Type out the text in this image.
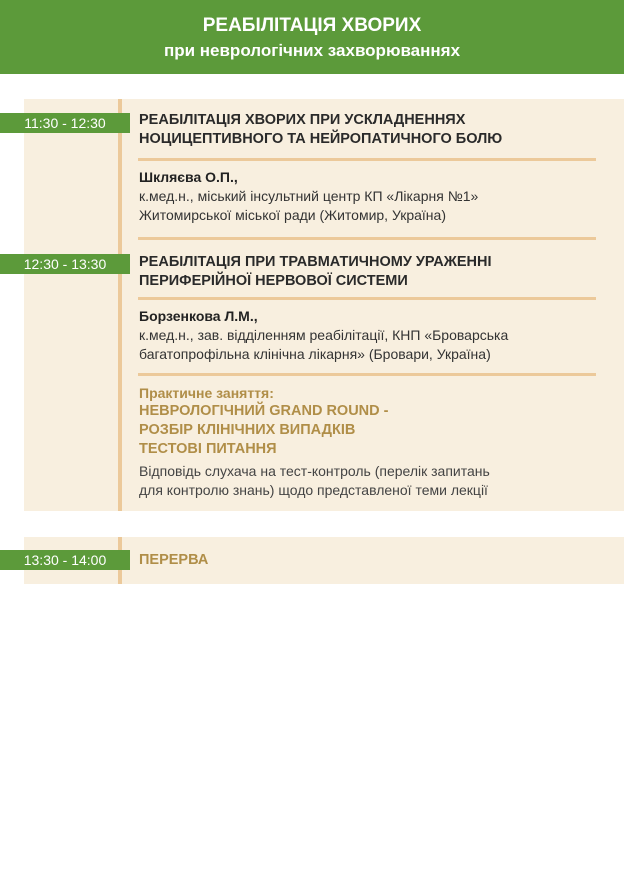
РЕАБІЛІТАЦІЯ ХВОРИХ
при неврологічних захворюваннях
11:30 - 12:30	РЕАБІЛІТАЦІЯ ХВОРИХ ПРИ УСКЛАДНЕННЯХ
НОЦИЦЕПТИВНОГО ТА НЕЙРОПАТИЧНОГО БОЛЮ
Шкляєва О.П.,
к.мед.н., міський інсультний центр КП «Лікарня №1»
Житомирської міської ради (Житомир, Україна)
12:30 - 13:30	РЕАБІЛІТАЦІЯ ПРИ ТРАВМАТИЧНОМУ УРАЖЕННІ
ПЕРИФЕРІЙНОЇ НЕРВОВОЇ СИСТЕМИ
Борзенкова Л.М.,
к.мед.н., зав. відділенням реабілітації, КНП «Броварська
багатопрофільна клінічна лікарня» (Бровари, Україна)
Практичне заняття:
НЕВРОЛОГІЧНИЙ GRAND ROUND -
РОЗБІР КЛІНІЧНИХ ВИПАДКІВ
ТЕСТОВІ ПИТАННЯ
Відповідь слухача на тест-контроль (перелік запитань
для контролю знань) щодо представленої теми лекції
13:30 - 14:00	ПЕРЕРВА
